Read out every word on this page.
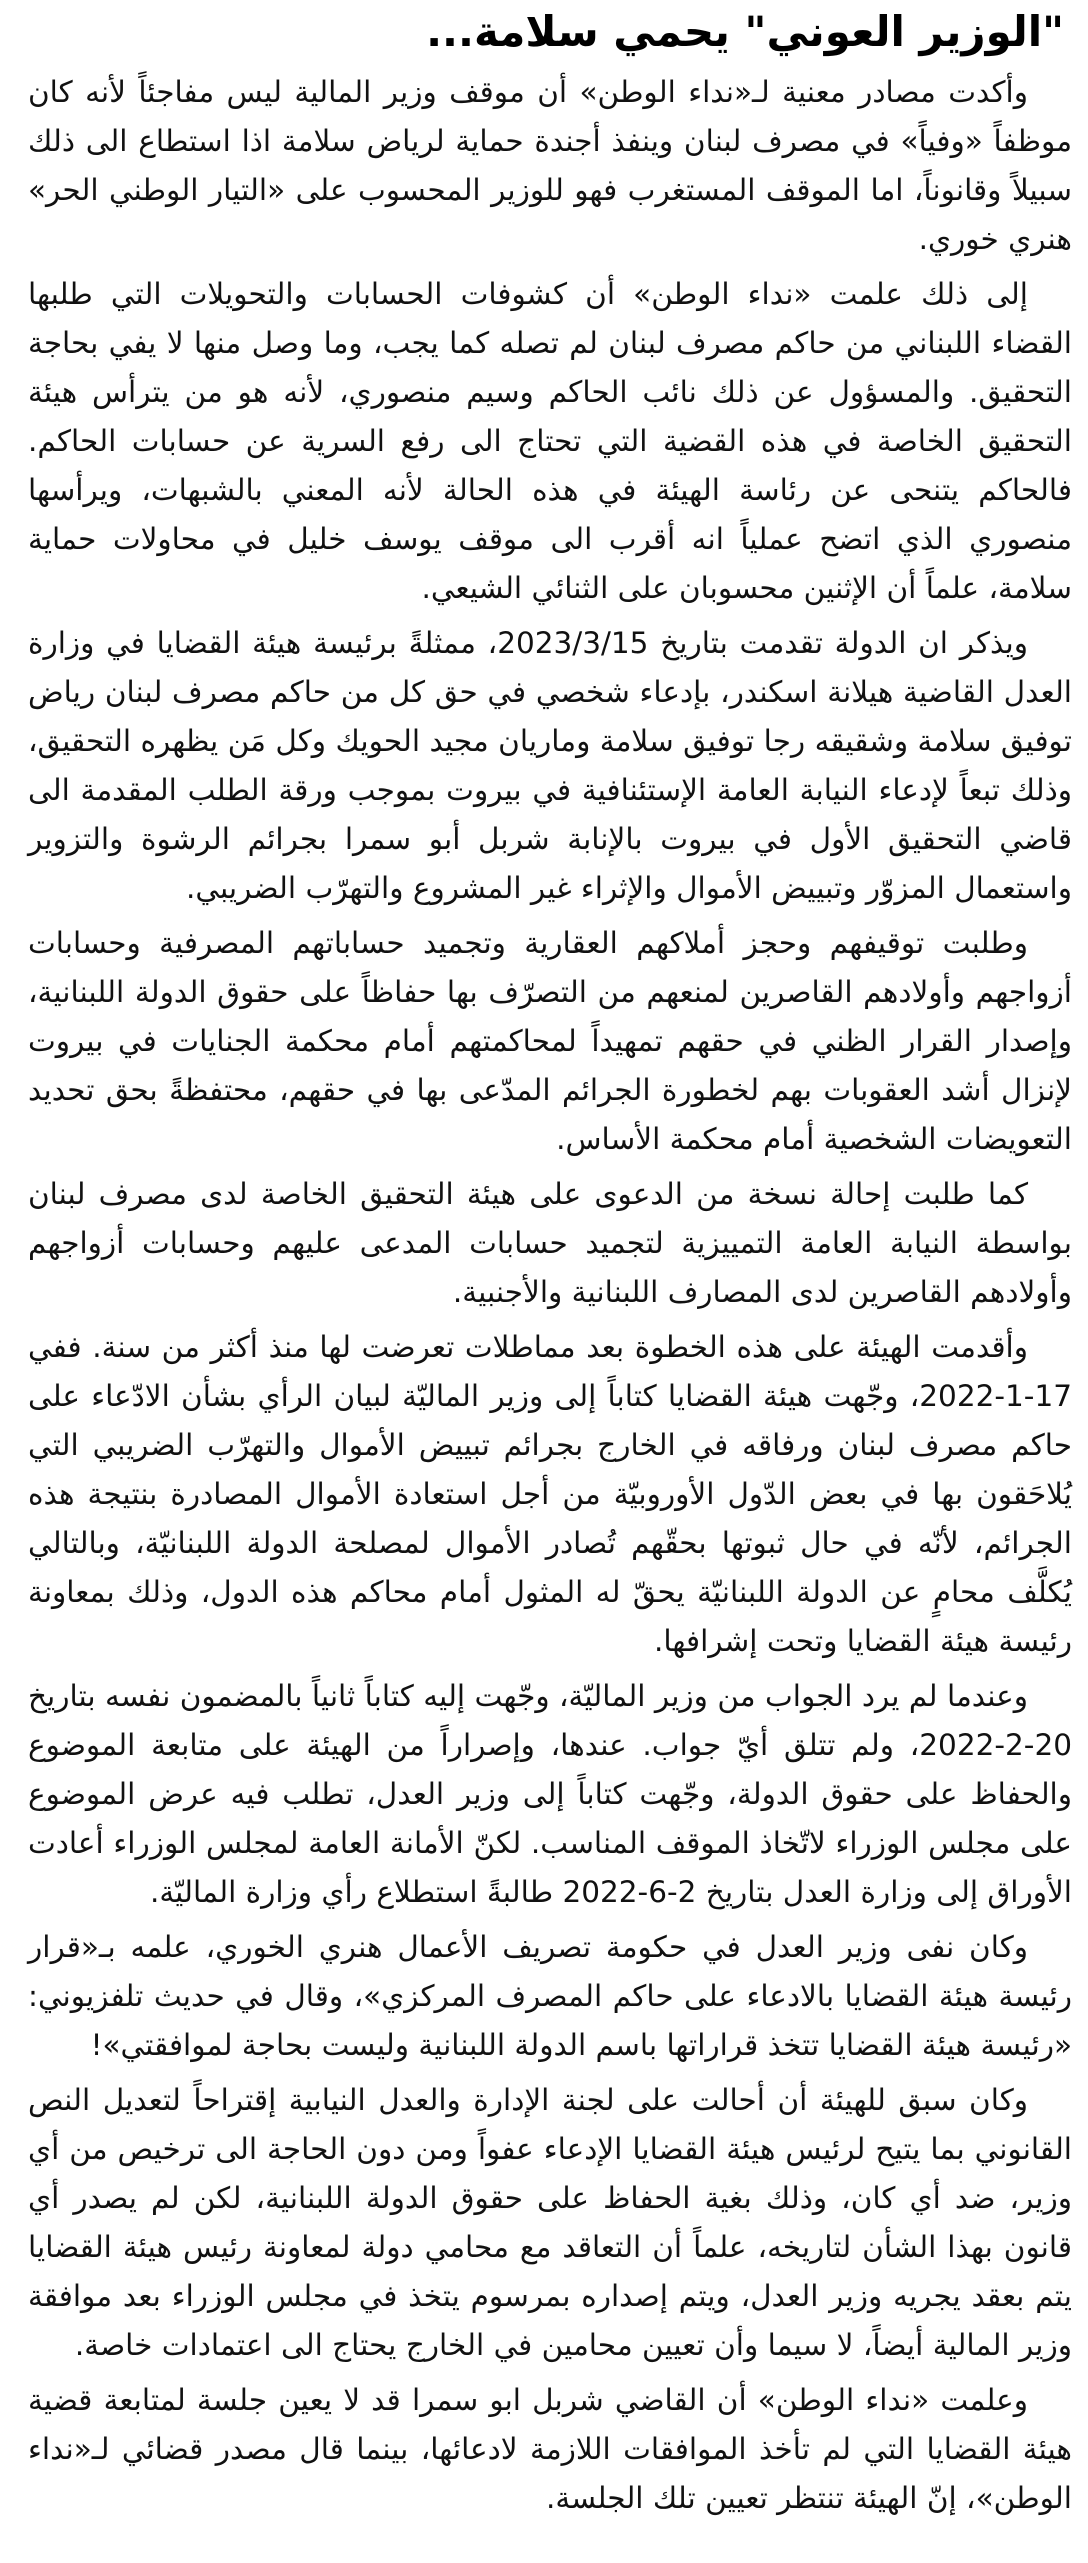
"الوزير العوني" يحمي سلامة...

وأكدت مصادر معنية لـ«نداء الوطن» أن موقف وزير المالية ليس مفاجئاً لأنه كان موظفاً «وفياً» في مصرف لبنان وينفذ أجندة حماية لرياض سلامة اذا استطاع الى ذلك سبيلاً وقانوناً، اما الموقف المستغرب فهو للوزير المحسوب على «التيار الوطني الحر» هنري خوري.

إلى ذلك علمت «نداء الوطن» أن كشوفات الحسابات والتحويلات التي طلبها القضاء اللبناني من حاكم مصرف لبنان لم تصله كما يجب، وما وصل منها لا يفي بحاجة التحقيق. والمسؤول عن ذلك نائب الحاكم وسيم منصوري، لأنه هو من يترأس هيئة التحقيق الخاصة في هذه القضية التي تحتاج الى رفع السرية عن حسابات الحاكم. فالحاكم يتنحى عن رئاسة الهيئة في هذه الحالة لأنه المعني بالشبهات، ويرأسها منصوري الذي اتضح عملياً انه أقرب الى موقف يوسف خليل في محاولات حماية سلامة، علماً أن الإثنين محسوبان على الثنائي الشيعي.

ويذكر ان الدولة تقدمت بتاريخ 2023/3/15، ممثلةً برئيسة هيئة القضايا في وزارة العدل القاضية هيلانة اسكندر، بإدعاء شخصي في حق كل من حاكم مصرف لبنان رياض توفيق سلامة وشقيقه رجا توفيق سلامة وماريان مجيد الحويك وكل مَن يظهره التحقيق، وذلك تبعاً لإدعاء النيابة العامة الإستئنافية في بيروت بموجب ورقة الطلب المقدمة الى قاضي التحقيق الأول في بيروت بالإنابة شربل أبو سمرا بجرائم الرشوة والتزوير واستعمال المزوّر وتبييض الأموال والإثراء غير المشروع والتهرّب الضريبي.

وطلبت توقيفهم وحجز أملاكهم العقارية وتجميد حساباتهم المصرفية وحسابات أزواجهم وأولادهم القاصرين لمنعهم من التصرّف بها حفاظاً على حقوق الدولة اللبنانية، وإصدار القرار الظني في حقهم تمهيداً لمحاكمتهم أمام محكمة الجنايات في بيروت لإنزال أشد العقوبات بهم لخطورة الجرائم المدّعى بها في حقهم، محتفظةً بحق تحديد التعويضات الشخصية أمام محكمة الأساس.

كما طلبت إحالة نسخة من الدعوى على هيئة التحقيق الخاصة لدى مصرف لبنان بواسطة النيابة العامة التمييزية لتجميد حسابات المدعى عليهم وحسابات أزواجهم وأولادهم القاصرين لدى المصارف اللبنانية والأجنبية.

وأقدمت الهيئة على هذه الخطوة بعد مماطلات تعرضت لها منذ أكثر من سنة. ففي 17-1-2022، وجّهت هيئة القضايا كتاباً إلى وزير الماليّة لبيان الرأي بشأن الادّعاء على حاكم مصرف لبنان ورفاقه في الخارج بجرائم تبييض الأموال والتهرّب الضريبي التي يُلاحَقون بها في بعض الدّول الأوروبيّة من أجل استعادة الأموال المصادرة بنتيجة هذه الجرائم، لأنّه في حال ثبوتها بحقّهم تُصادر الأموال لمصلحة الدولة اللبنانيّة، وبالتالي يُكلَّف محامٍ عن الدولة اللبنانيّة يحقّ له المثول أمام محاكم هذه الدول، وذلك بمعاونة رئيسة هيئة القضايا وتحت إشرافها.

وعندما لم يرد الجواب من وزير الماليّة، وجّهت إليه كتاباً ثانياً بالمضمون نفسه بتاريخ 20-2-2022، ولم تتلق أيّ جواب. عندها، وإصراراً من الهيئة على متابعة الموضوع والحفاظ على حقوق الدولة، وجّهت كتاباً إلى وزير العدل، تطلب فيه عرض الموضوع على مجلس الوزراء لاتّخاذ الموقف المناسب. لكنّ الأمانة العامة لمجلس الوزراء أعادت الأوراق إلى وزارة العدل بتاريخ 2-6-2022 طالبةً استطلاع رأي وزارة الماليّة.

وكان نفى وزير العدل في حكومة تصريف الأعمال هنري الخوري، علمه بـ«قرار رئيسة هيئة القضايا بالادعاء على حاكم المصرف المركزي»، وقال في حديث تلفزيوني: «رئيسة هيئة القضايا تتخذ قراراتها باسم الدولة اللبنانية وليست بحاجة لموافقتي»!

وكان سبق للهيئة أن أحالت على لجنة الإدارة والعدل النيابية إقتراحاً لتعديل النص القانوني بما يتيح لرئيس هيئة القضايا الإدعاء عفواً ومن دون الحاجة الى ترخيص من أي وزير، ضد أي كان، وذلك بغية الحفاظ على حقوق الدولة اللبنانية، لكن لم يصدر أي قانون بهذا الشأن لتاريخه، علماً أن التعاقد مع محامي دولة لمعاونة رئيس هيئة القضايا يتم بعقد يجريه وزير العدل، ويتم إصداره بمرسوم يتخذ في مجلس الوزراء بعد موافقة وزير المالية أيضاً، لا سيما وأن تعيين محامين في الخارج يحتاج الى اعتمادات خاصة.

وعلمت «نداء الوطن» أن القاضي شربل ابو سمرا قد لا يعين جلسة لمتابعة قضية هيئة القضايا التي لم تأخذ الموافقات اللازمة لادعائها، بينما قال مصدر قضائي لـ«نداء الوطن»، إنّ الهيئة تنتظر تعيين تلك الجلسة.
